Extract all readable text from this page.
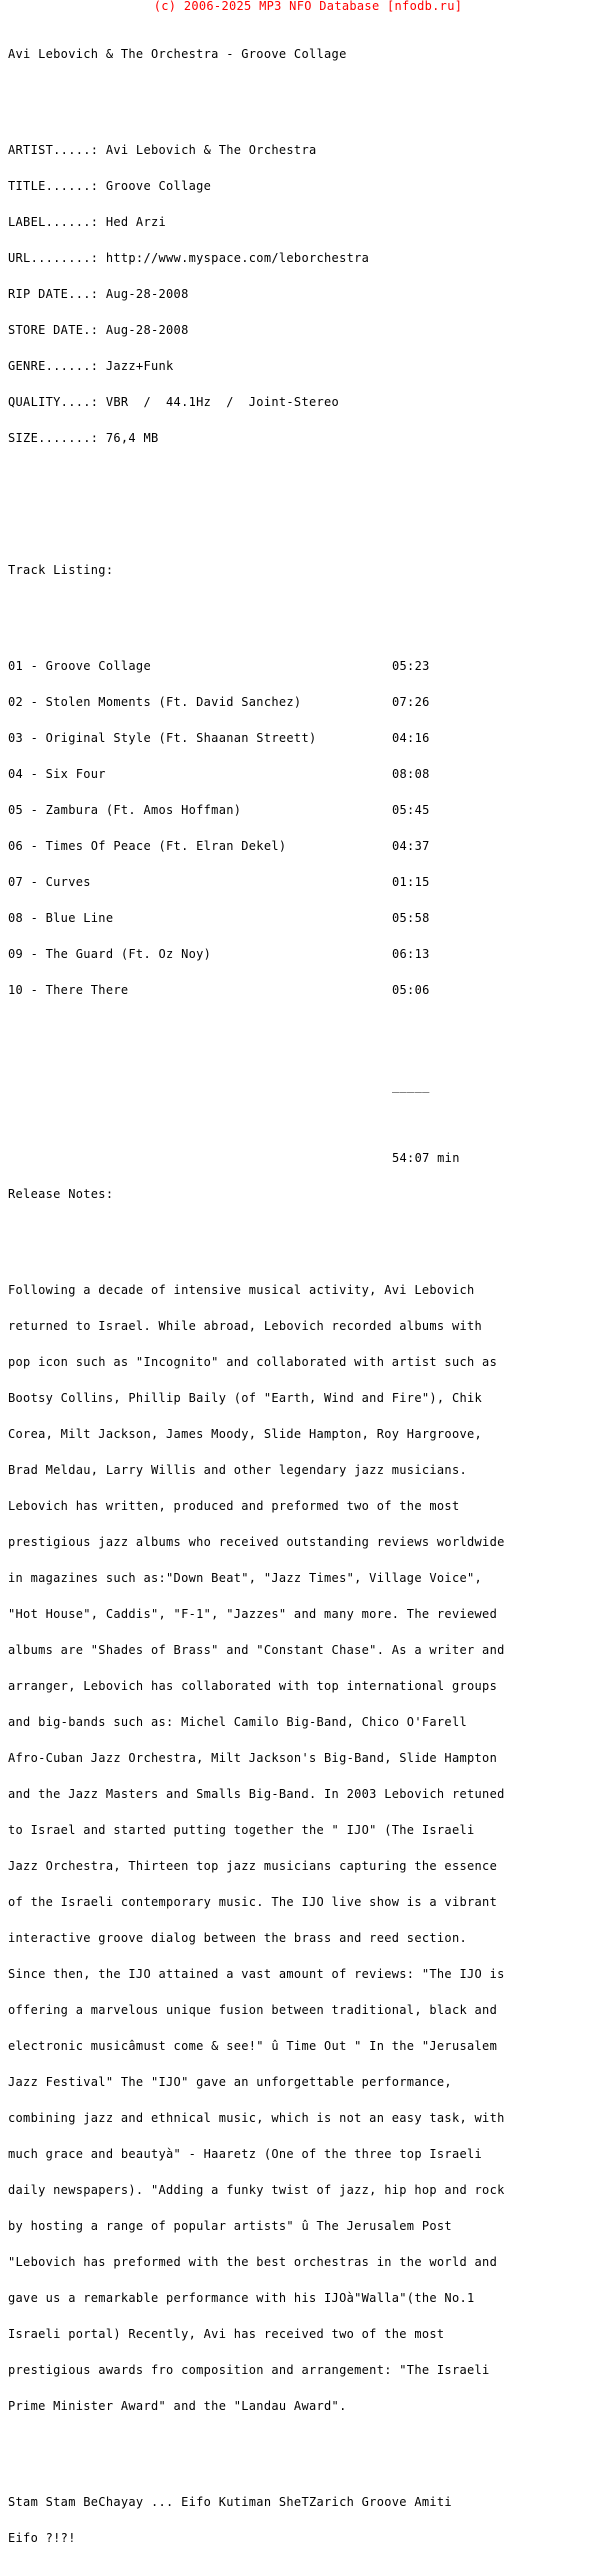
(c) 2006-2025 MP3 NFO Database [nfodb.ru]

Avi Lebovich & The Orchestra - Groove Collage

ARTIST.....: Avi Lebovich & The Orchestra

TITLE......: Groove Collage

LABEL......: Hed Arzi

URL........: http://www.myspace.com/leborchestra

RIP DATE...: Aug-28-2008

STORE DATE.: Aug-28-2008

GENRE......: Jazz+Funk

QUALITY....: VBR  /  44.1Hz  /  Joint-Stereo

SIZE.......: 76,4 MB

Track Listing:

01 - Groove Collage	05:23

02 - Stolen Moments (Ft. David Sanchez)	07:26

03 - Original Style (Ft. Shaanan Streett)	04:16

04 - Six Four	08:08

05 - Zambura (Ft. Amos Hoffman)	05:45

06 - Times Of Peace (Ft. Elran Dekel)	04:37

07 - Curves	01:15

08 - Blue Line	05:58

09 - The Guard (Ft. Oz Noy)	06:13

10 - There There	05:06

_____

54:07 min

Release Notes:

Following a decade of intensive musical activity, Avi Lebovich

returned to Israel. While abroad, Lebovich recorded albums with

pop icon such as "Incognito" and collaborated with artist such as

Bootsy Collins, Phillip Baily (of "Earth, Wind and Fire"), Chik

Corea, Milt Jackson, James Moody, Slide Hampton, Roy Hargroove,

Brad Meldau, Larry Willis and other legendary jazz musicians.

Lebovich has written, produced and preformed two of the most

prestigious jazz albums who received outstanding reviews worldwide

in magazines such as:"Down Beat", "Jazz Times", Village Voice",

"Hot House", Caddis", "F-1", "Jazzes" and many more. The reviewed

albums are "Shades of Brass" and "Constant Chase". As a writer and

arranger, Lebovich has collaborated with top international groups

and big-bands such as: Michel Camilo Big-Band, Chico O'Farell

Afro-Cuban Jazz Orchestra, Milt Jackson's Big-Band, Slide Hampton

and the Jazz Masters and Smalls Big-Band. In 2003 Lebovich retuned

to Israel and started putting together the " IJO" (The Israeli

Jazz Orchestra, Thirteen top jazz musicians capturing the essence

of the Israeli contemporary music. The IJO live show is a vibrant

interactive groove dialog between the brass and reed section.

Since then, the IJO attained a vast amount of reviews: "The IJO is

offering a marvelous unique fusion between traditional, black and

electronic musicâmust come & see!" û Time Out " In the "Jerusalem

Jazz Festival" The "IJO" gave an unforgettable performance,

combining jazz and ethnical music, which is not an easy task, with

much grace and beautyà" - Haaretz (One of the three top Israeli

daily newspapers). "Adding a funky twist of jazz, hip hop and rock

by hosting a range of popular artists" û The Jerusalem Post

"Lebovich has preformed with the best orchestras in the world and

gave us a remarkable performance with his IJOà"Walla"(the No.1

Israeli portal) Recently, Avi has received two of the most

prestigious awards fro composition and arrangement: "The Israeli

Prime Minister Award" and the "Landau Award".

Stam Stam BeChayay ... Eifo Kutiman SheTZarich Groove Amiti

Eifo ?!?!
